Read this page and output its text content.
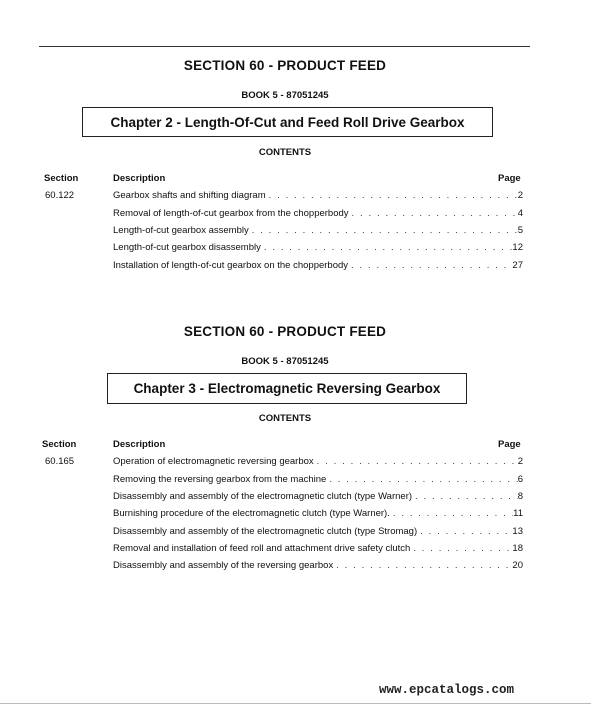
SECTION 60 - PRODUCT FEED
BOOK 5 - 87051245
Chapter 2 - Length-Of-Cut and Feed Roll Drive Gearbox
CONTENTS
Section	Description	Page
60.122	Gearbox shafts and shifting diagram . . .	2
Removal of length-of-cut gearbox from the chopperbody . . .	4
Length-of-cut gearbox assembly . . .	5
Length-of-cut gearbox disassembly . . .	12
Installation of length-of-cut gearbox on the chopperbody . . .	27
SECTION 60 - PRODUCT FEED
BOOK 5 - 87051245
Chapter 3 - Electromagnetic Reversing Gearbox
CONTENTS
Section	Description	Page
60.165	Operation of electromagnetic reversing gearbox . . .	2
Removing the reversing gearbox from the machine . . .	6
Disassembly and assembly of the electromagnetic clutch (type Warner) . . .	8
Burnishing procedure of the electromagnetic clutch (type Warner). . . .	11
Disassembly and assembly of the electromagnetic clutch (type Stromag) . . .	13
Removal and installation of feed roll and attachment drive safety clutch . . .	18
Disassembly and assembly of the reversing gearbox . . .	20
www.epcatalogs.com
